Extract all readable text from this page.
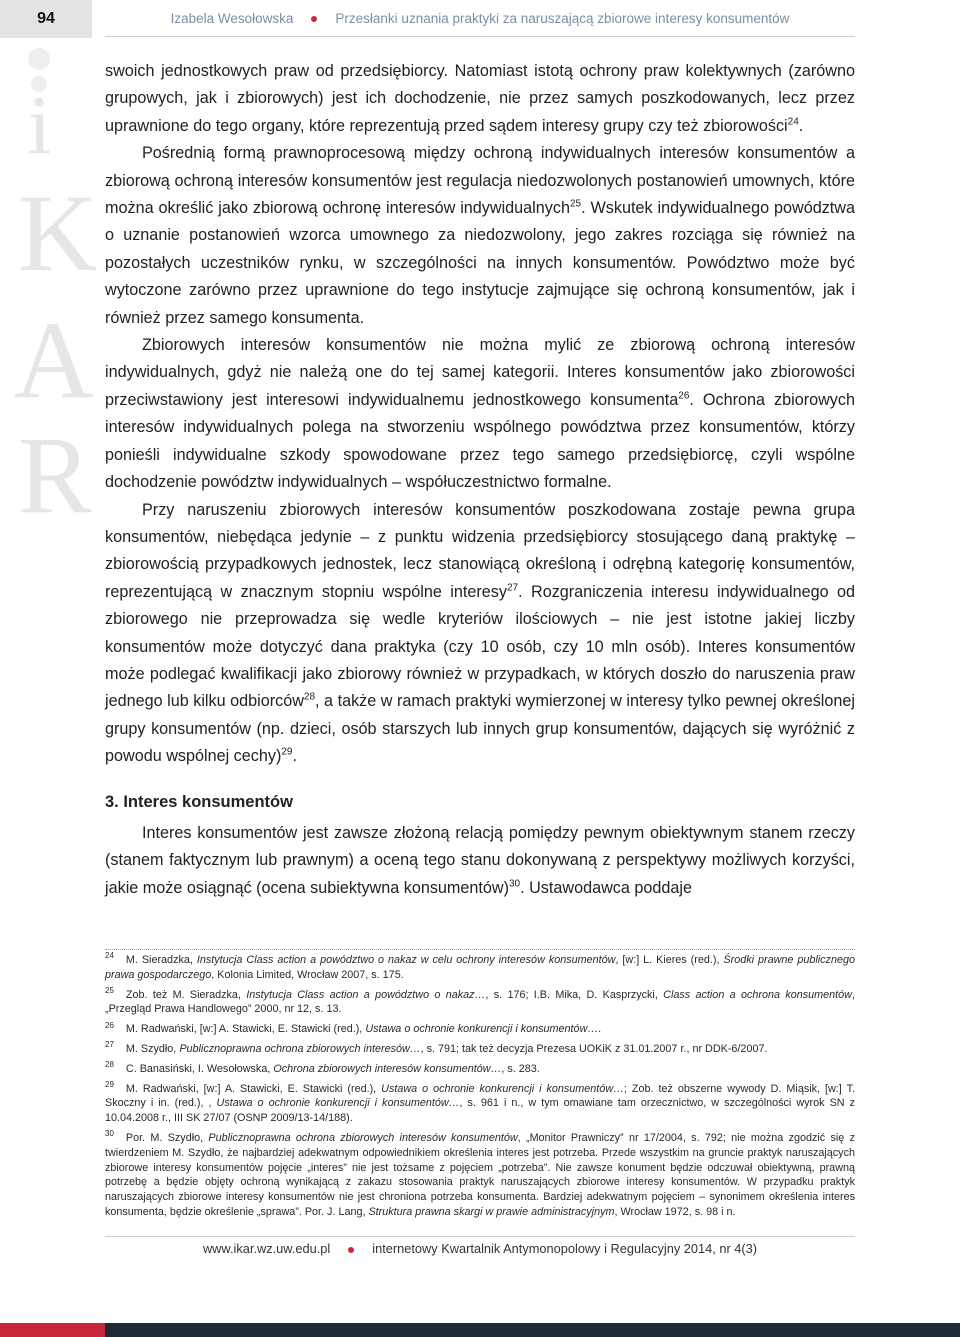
94	Izabela Wesołowska	Przesłanki uznania praktyki za naruszającą zbiorowe interesy konsumentów
i
K
A
R

swoich jednostkowych praw od przedsiębiorcy. Natomiast istotą ochrony praw kolektywnych (zarówno grupowych, jak i zbiorowych) jest ich dochodzenie, nie przez samych poszkodowanych, lecz przez uprawnione do tego organy, które reprezentują przed sądem interesy grupy czy też zbiorowości$^{24}$.

Pośrednią formą prawnoprocesową między ochroną indywidualnych interesów konsumentów a zbiorową ochroną interesów konsumentów jest regulacja niedozwolonych postanowień umownych, które można określić jako zbiorową ochronę interesów indywidualnych$^{25}$. Wskutek indywidualnego powództwa o uznanie postanowień wzorca umownego za niedozwolony, jego zakres rozciąga się również na pozostałych uczestników rynku, w szczególności na innych konsumentów. Powództwo może być wytoczone zarówno przez uprawnione do tego instytucje zajmujące się ochroną konsumentów, jak i również przez samego konsumenta.

Zbiorowych interesów konsumentów nie można mylić ze zbiorową ochroną interesów indywidualnych, gdyż nie należą one do tej samej kategorii. Interes konsumentów jako zbiorowości przeciwstawiony jest interesowi indywidualnemu jednostkowego konsumenta$^{26}$. Ochrona zbiorowych interesów indywidualnych polega na stworzeniu wspólnego powództwa przez konsumentów, którzy ponieśli indywidualne szkody spowodowane przez tego samego przedsiębiorcę, czyli wspólne dochodzenie powództw indywidualnych – współuczestnictwo formalne.

Przy naruszeniu zbiorowych interesów konsumentów poszkodowana zostaje pewna grupa konsumentów, niebędąca jedynie – z punktu widzenia przedsiębiorcy stosującego daną praktykę – zbiorowością przypadkowych jednostek, lecz stanowiącą określoną i odrębną kategorię konsumentów, reprezentującą w znacznym stopniu wspólne interesy$^{27}$. Rozgraniczenia interesu indywidualnego od zbiorowego nie przeprowadza się wedle kryteriów ilościowych – nie jest istotne jakiej liczby konsumentów może dotyczyć dana praktyka (czy 10 osób, czy 10 mln osób). Interes konsumentów może podlegać kwalifikacji jako zbiorowy również w przypadkach, w których doszło do naruszenia praw jednego lub kilku odbiorców$^{28}$, a także w ramach praktyki wymierzonej w interesy tylko pewnej określonej grupy konsumentów (np. dzieci, osób starszych lub innych grup konsumentów, dających się wyróżnić z powodu wspólnej cechy)$^{29}$.

3. Interes konsumentów

Interes konsumentów jest zawsze złożoną relacją pomiędzy pewnym obiektywnym stanem rzeczy (stanem faktycznym lub prawnym) a oceną tego stanu dokonywaną z perspektywy możliwych korzyści, jakie może osiągnąć (ocena subiektywna konsumentów)$^{30}$. Ustawodawca poddaje

$^{24}$ M. Sieradzka, Instytucja Class action a powództwo o nakaz w celu ochrony interesów konsumentów, [w:] L. Kieres (red.), Środki prawne publicznego prawa gospodarczego, Kolonia Limited, Wrocław 2007, s. 175.

$^{25}$ Zob. też M. Sieradzka, Instytucja Class action a powództwo o nakaz…, s. 176; I.B. Mika, D. Kasprzycki, Class action a ochrona konsumentów, „Przegląd Prawa Handlowego” 2000, nr 12, s. 13.

$^{26}$ M. Radwański, [w:] A. Stawicki, E. Stawicki (red.), Ustawa o ochronie konkurencji i konsumentów….

$^{27}$ M. Szydło, Publicznoprawna ochrona zbiorowych interesów…, s. 791; tak też decyzja Prezesa UOKiK z 31.01.2007 r., nr DDK-6/2007.

$^{28}$ C. Banasiński, I. Wesołowska, Ochrona zbiorowych interesów konsumentów…, s. 283.

$^{29}$ M. Radwański, [w:] A. Stawicki, E. Stawicki (red.), Ustawa o ochronie konkurencji i konsumentów…; Zob. też obszerne wywody D. Miąsik, [w:] T. Skoczny i in. (red.), , Ustawa o ochronie konkurencji i konsumentów…, s. 961 i n., w tym omawiane tam orzecznictwo, w szczególności wyrok SN z 10.04.2008 r., III SK 27/07 (OSNP 2009/13-14/188).

$^{30}$ Por. M. Szydło, Publicznoprawna ochrona zbiorowych interesów konsumentów, „Monitor Prawniczy” nr 17/2004, s. 792; nie można zgodzić się z twierdzeniem M. Szydło, że najbardziej adekwatnym odpowiednikiem określenia interes jest potrzeba. Przede wszystkim na gruncie praktyk naruszających zbiorowe interesy konsumentów pojęcie „interes” nie jest tożsame z pojęciem „potrzeba”. Nie zawsze konument będzie odczuwał obiektywną, prawną potrzebę a będzie objęty ochroną wynikającą z zakazu stosowania praktyk naruszających zbiorowe interesy konsumentów. W przypadku praktyk naruszających zbiorowe interesy konsumentów nie jest chroniona potrzeba konsumenta. Bardziej adekwatnym pojęciem – synonimem określenia interes konsumenta, będzie określenie „sprawa”. Por. J. Lang, Struktura prawna skargi w prawie administracyjnym, Wrocław 1972, s. 98 i n.

www.ikar.wz.uw.edu.pl	internetowy Kwartalnik Antymonopolowy i Regulacyjny 2014, nr 4(3)
